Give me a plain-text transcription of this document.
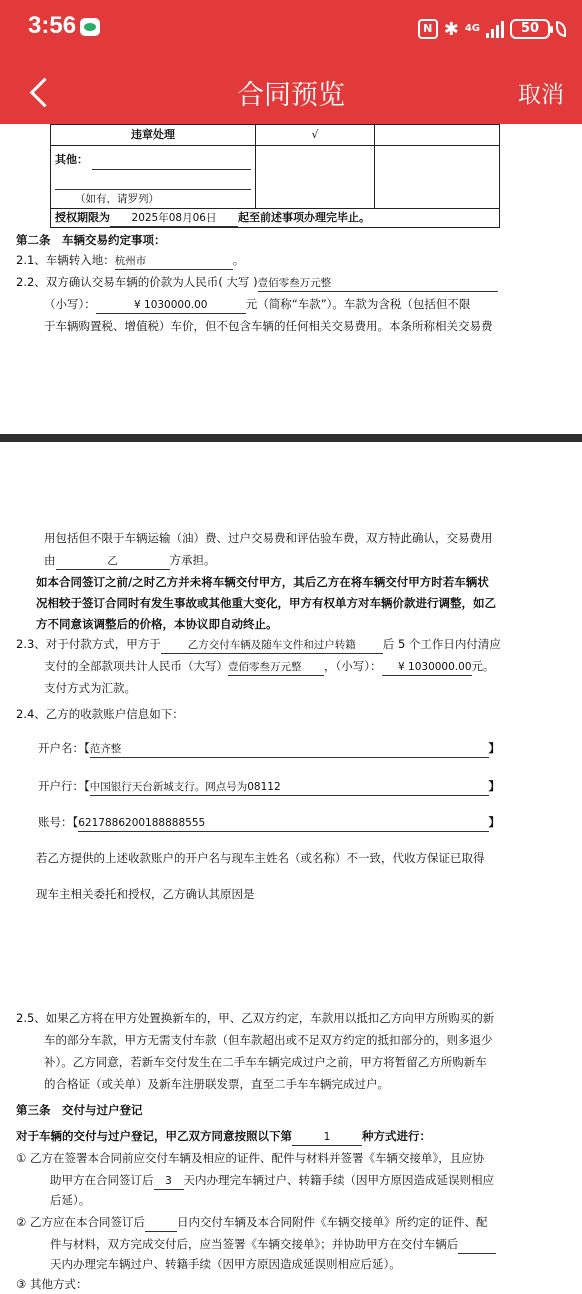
3:56	N ✱ 4G	50
合同预览	取消
违章处理	√	

其他：
（如有，请罗列）		

授权期限为 2025年08月06日 起至前述事项办理完毕止。		
第二条　车辆交易约定事项：
2.1、车辆转入地：杭州市	。
2.2、双方确认交易车辆的价款为人民币( 大写 )壹佰零叁万元整
（小写）：	¥ 1030000.00	元（简称“车款”）。车款为含税（包括但不限
于车辆购置税、增值税）车价，但不包含车辆的任何相关交易费用。本条所称相关交易费
用包括但不限于车辆运输（油）费、过户交易费和评估验车费，双方特此确认，交易费用
由	乙	方承担。
如本合同签订之前/之时乙方并未将车辆交付甲方，其后乙方在将车辆交付甲方时若车辆状
况相较于签订合同时有发生事故或其他重大变化，甲方有权单方对车辆价款进行调整，如乙
方不同意该调整后的价格，本协议即自动终止。
2.3、对于付款方式，甲方于	乙方交付车辆及随车文件和过户转籍 后 5 个工作日内付清应
支付的全部款项共计人民币（大写）壹佰零叁万元整 ，（小写）： ¥ 1030000.00元。
支付方式为汇款。
2.4、乙方的收款账户信息如下：
开户名：【 范齐整	】
开户行：【 中国银行天台新城支行。网点号为08112	】
账号：【 6217886200188888555	】
若乙方提供的上述收款账户的开户名与现车主姓名（或名称）不一致，代收方保证已取得
现车主相关委托和授权，乙方确认其原因是
2.5、如果乙方将在甲方处置换新车的，甲、乙双方约定，车款用以抵扣乙方向甲方所购买的新
车的部分车款，甲方无需支付车款（但车款超出或不足双方约定的抵扣部分的，则多退少
补）。乙方同意，若新车交付发生在二手车车辆完成过户之前，甲方将暂留乙方所购新车
的合格证（或关单）及新车注册联发票，直至二手车车辆完成过户。
第三条　交付与过户登记
对于车辆的交付与过户登记，甲乙双方同意按照以下第	1	种方式进行：
① 乙方在签署本合同前应交付车辆及相应的证件、配件与材料并签署《车辆交接单》，且应协
助甲方在合同签订后 3 天内办理完车辆过户、转籍手续（因甲方原因造成延误则相应
后延）。
② 乙方应在本合同签订后	日内交付车辆及本合同附件《车辆交接单》所约定的证件、配
件与材料，双方完成交付后，应当签署《车辆交接单》；并协助甲方在交付车辆后
天内办理完车辆过户、转籍手续（因甲方原因造成延误则相应后延）。
③ 其他方式：
